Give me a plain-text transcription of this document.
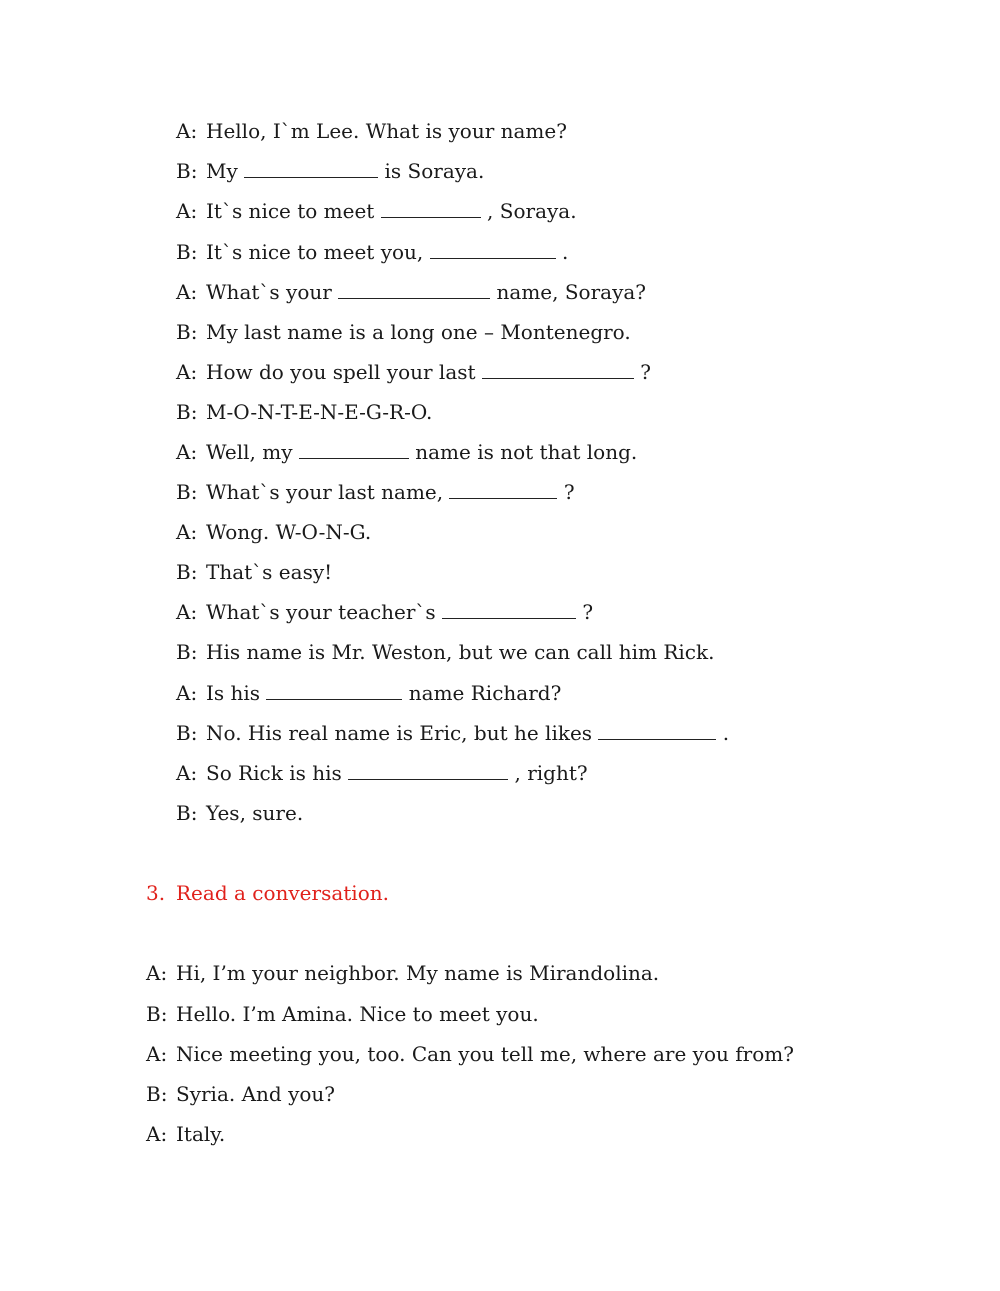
A: Hello, I`m Lee. What is your name?
B: My	is Soraya.
A: It`s nice to meet	, Soraya.
B: It`s nice to meet you,	.
A: What`s your	name, Soraya?
B: My last name is a long one – Montenegro.
A: How do you spell your last	?
B: M-O-N-T-E-N-E-G-R-O.
A: Well, my	name is not that long.
B: What`s your last name,	?
A: Wong. W-O-N-G.
B: That`s easy!
A: What`s your teacher`s	?
B: His name is Mr. Weston, but we can call him Rick.
A: Is his	name Richard?
B: No. His real name is Eric, but he likes	.
A: So Rick is his	, right?
B: Yes, sure.
3. Read a conversation.
A: Hi, I’m your neighbor. My name is Mirandolina.
B: Hello. I’m Amina. Nice to meet you.
A: Nice meeting you, too. Can you tell me, where are you from?
B: Syria. And you?
A: Italy.
